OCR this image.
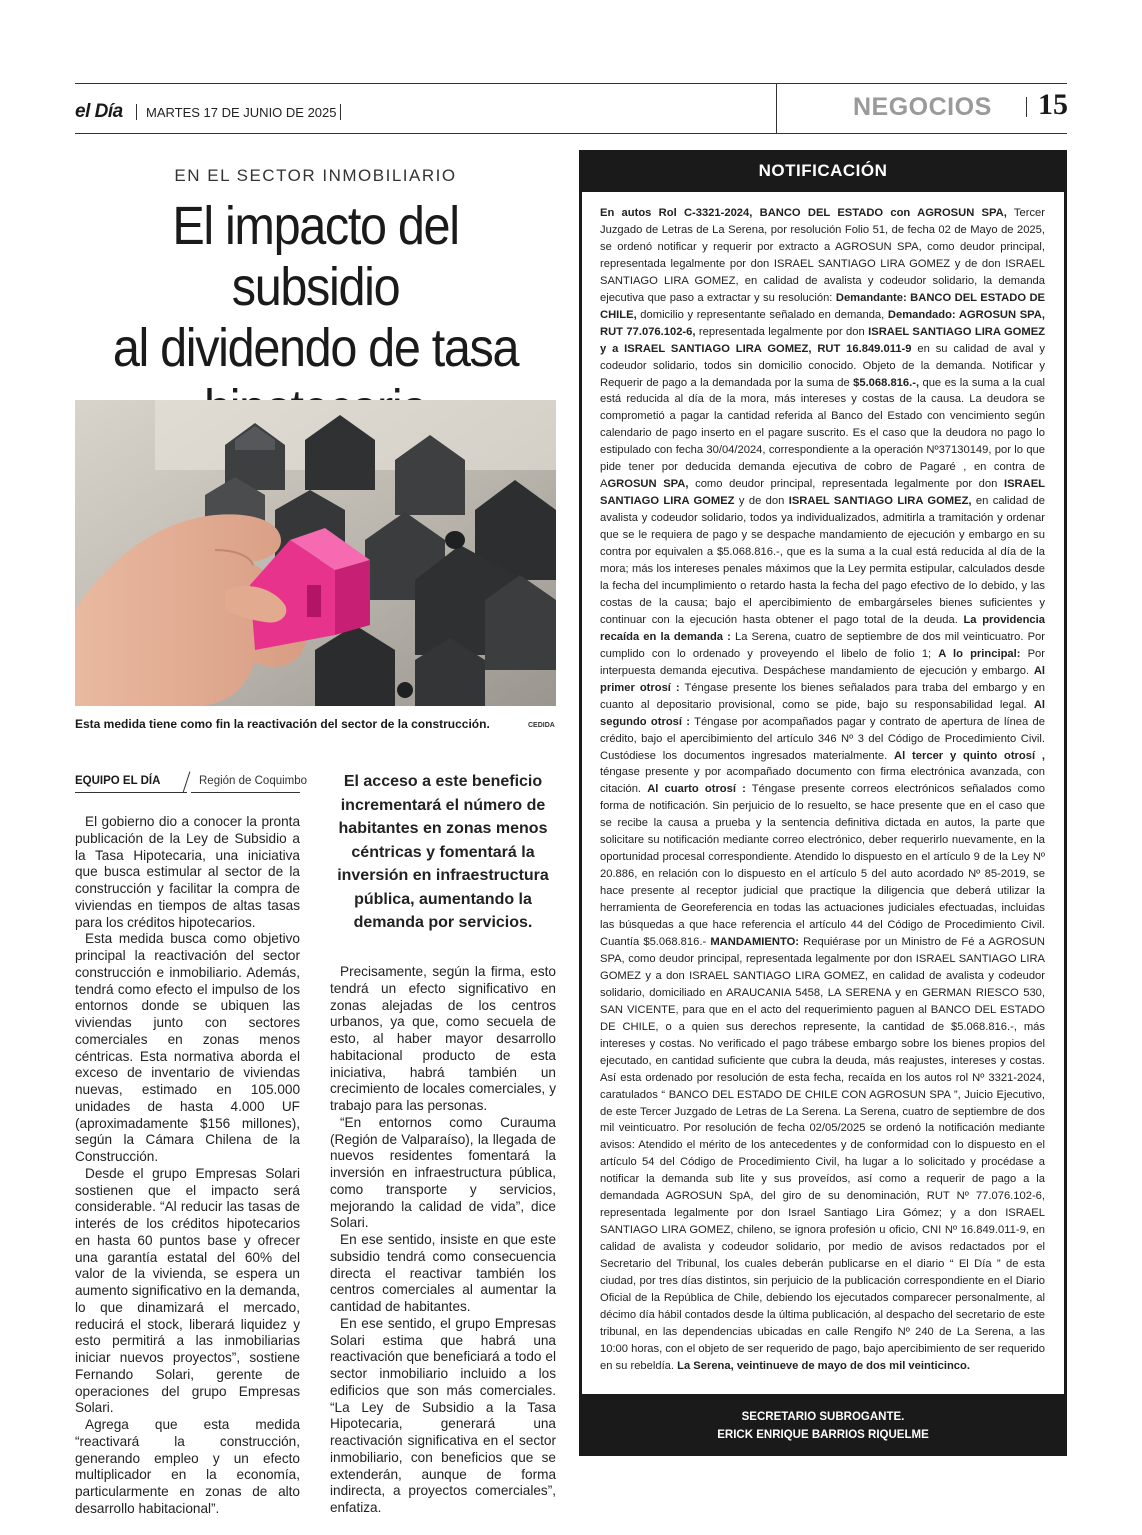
el Día MARTES 17 DE JUNIO DE 2025	NEGOCIOS 15
EN EL SECTOR INMOBILIARIO
El impacto del subsidio
al dividendo de tasa
Esta medida tiene como fin la reactivación del sector de la construcción.	CEDIDA
EQUIPO EL DÍA	Región de Coquimbo

El gobierno dio a conocer la pronta publicación de la Ley de Subsidio a la Tasa Hipotecaria, una iniciativa que busca estimular al sector de la construcción y facilitar la compra de viviendas en tiempos de altas tasas para los créditos hipotecarios.

Esta medida busca como objetivo principal la reactivación del sector construcción e inmobiliario. Además, tendrá como efecto el impulso de los entornos donde se ubiquen las viviendas junto con sectores comerciales en zonas menos céntricas. Esta normativa aborda el exceso de inventario de viviendas nuevas, estimado en 105.000 unidades de hasta 4.000 UF (aproximadamente $156 millones), según la Cámara Chilena de la Construcción.

Desde el grupo Empresas Solari sostienen que el impacto será considerable. “Al reducir las tasas de interés de los créditos hipotecarios en hasta 60 puntos base y ofrecer una garantía estatal del 60% del valor de la vivienda, se espera un aumento significativo en la demanda, lo que dinamizará el mercado, reducirá el stock, liberará liquidez y esto permitirá a las inmobiliarias iniciar nuevos proyectos”, sostiene Fernando Solari, gerente de operaciones del grupo Empresas Solari.

Agrega que esta medida “reactivará la construcción, generando empleo y un efecto multiplicador en la economía, particularmente en zonas de alto desarrollo habitacional”.

El acceso a este beneficio incrementará el número de habitantes en zonas menos céntricas y fomentará la inversión en infraestructura pública, aumentando la demanda por servicios.

Precisamente, según la firma, esto tendrá un efecto significativo en zonas alejadas de los centros urbanos, ya que, como secuela de esto, al haber mayor desarrollo habitacional producto de esta iniciativa, habrá también un crecimiento de locales comerciales, y trabajo para las personas.

“En entornos como Curauma (Región de Valparaíso), la llegada de nuevos residentes fomentará la inversión en infraestructura pública, como transporte y servicios, mejorando la calidad de vida”, dice Solari.

En ese sentido, insiste en que este subsidio tendrá como consecuencia directa el reactivar también los centros comerciales al aumentar la cantidad de habitantes.

En ese sentido, el grupo Empresas Solari estima que habrá una reactivación que beneficiará a todo el sector inmobiliario incluido a los edificios que son más comerciales. “La Ley de Subsidio a la Tasa Hipotecaria, generará una reactivación significativa en el sector inmobiliario, con beneficios que se extenderán, aunque de forma indirecta, a proyectos comerciales”, enfatiza.

NOTIFICACIÓN
En autos Rol C-3321-2024, BANCO DEL ESTADO con AGROSUN SPA, Tercer Juzgado de Letras de La Serena, por resolución Folio 51, de fecha 02 de Mayo de 2025, se ordenó notificar y requerir por extracto a AGROSUN SPA, como deudor principal, representada legalmente por don ISRAEL SANTIAGO LIRA GOMEZ y de don ISRAEL SANTIAGO LIRA GOMEZ, en calidad de avalista y codeudor solidario, la demanda ejecutiva que paso a extractar y su resolución: Demandante: BANCO DEL ESTADO DE CHILE, domicilio y representante señalado en demanda, Demandado: AGROSUN SPA, RUT 77.076.102-6, representada legalmente por don ISRAEL SANTIAGO LIRA GOMEZ y a ISRAEL SANTIAGO LIRA GOMEZ, RUT 16.849.011-9 en su calidad de aval y codeudor solidario, todos sin domicilio conocido. Objeto de la demanda. Notificar y Requerir de pago a la demandada por la suma de $5.068.816.-, que es la suma a la cual está reducida al día de la mora, más intereses y costas de la causa. La deudora se comprometió a pagar la cantidad referida al Banco del Estado con vencimiento según calendario de pago inserto en el pagare suscrito. Es el caso que la deudora no pago lo estipulado con fecha 30/04/2024, correspondiente a la operación Nº37130149, por lo que pide tener por deducida demanda ejecutiva de cobro de Pagaré , en contra de AGROSUN SPA, como deudor principal, representada legalmente por don ISRAEL SANTIAGO LIRA GOMEZ y de don ISRAEL SANTIAGO LIRA GOMEZ, en calidad de avalista y codeudor solidario, todos ya individualizados, admitirla a tramitación y ordenar que se le requiera de pago y se despache mandamiento de ejecución y embargo en su contra por equivalen a $5.068.816.-, que es la suma a la cual está reducida al día de la mora; más los intereses penales máximos que la Ley permita estipular, calculados desde la fecha del incumplimiento o retardo hasta la fecha del pago efectivo de lo debido, y las costas de la causa; bajo el apercibimiento de embargárseles bienes suficientes y continuar con la ejecución hasta obtener el pago total de la deuda. La providencia recaída en la demanda : La Serena, cuatro de septiembre de dos mil veinticuatro. Por cumplido con lo ordenado y proveyendo el libelo de folio 1; A lo principal: Por interpuesta demanda ejecutiva. Despáchese mandamiento de ejecución y embargo. Al primer otrosí : Téngase presente los bienes señalados para traba del embargo y en cuanto al depositario provisional, como se pide, bajo su responsabilidad legal. Al segundo otrosí : Téngase por acompañados pagar y contrato de apertura de línea de crédito, bajo el apercibimiento del artículo 346 Nº 3 del Código de Procedimiento Civil. Custódiese los documentos ingresados materialmente. Al tercer y quinto otrosí , téngase presente y por acompañado documento con firma electrónica avanzada, con citación. Al cuarto otrosí : Téngase presente correos electrónicos señalados como forma de notificación. Sin perjuicio de lo resuelto, se hace presente que en el caso que se recibe la causa a prueba y la sentencia definitiva dictada en autos, la parte que solicitare su notificación mediante correo electrónico, deber requerirlo nuevamente, en la oportunidad procesal correspondiente. Atendido lo dispuesto en el artículo 9 de la Ley Nº 20.886, en relación con lo dispuesto en el artículo 5 del auto acordado Nº 85-2019, se hace presente al receptor judicial que practique la diligencia que deberá utilizar la herramienta de Georeferencia en todas las actuaciones judiciales efectuadas, incluidas las búsquedas a que hace referencia el artículo 44 del Código de Procedimiento Civil. Cuantía $5.068.816.- MANDAMIENTO: Requiérase por un Ministro de Fé a AGROSUN SPA, como deudor principal, representada legalmente por don ISRAEL SANTIAGO LIRA GOMEZ y a don ISRAEL SANTIAGO LIRA GOMEZ, en calidad de avalista y codeudor solidario, domiciliado en ARAUCANIA 5458, LA SERENA y en GERMAN RIESCO 530, SAN VICENTE, para que en el acto del requerimiento paguen al BANCO DEL ESTADO DE CHILE, o a quien sus derechos represente, la cantidad de $5.068.816.-, más intereses y costas. No verificado el pago trábese embargo sobre los bienes propios del ejecutado, en cantidad suficiente que cubra la deuda, más reajustes, intereses y costas. Así esta ordenado por resolución de esta fecha, recaída en los autos rol Nº 3321-2024, caratulados “ BANCO DEL ESTADO DE CHILE CON AGROSUN SPA ”, Juicio Ejecutivo, de este Tercer Juzgado de Letras de La Serena. La Serena, cuatro de septiembre de dos mil veinticuatro. Por resolución de fecha 02/05/2025 se ordenó la notificación mediante avisos: Atendido el mérito de los antecedentes y de conformidad con lo dispuesto en el artículo 54 del Código de Procedimiento Civil, ha lugar a lo solicitado y procédase a notificar la demanda sub lite y sus proveídos, así como a requerir de pago a la demandada AGROSUN SpA, del giro de su denominación, RUT Nº 77.076.102-6, representada legalmente por don Israel Santiago Lira Gómez; y a don ISRAEL SANTIAGO LIRA GOMEZ, chileno, se ignora profesión u oficio, CNI Nº 16.849.011-9, en calidad de avalista y codeudor solidario, por medio de avisos redactados por el Secretario del Tribunal, los cuales deberán publicarse en el diario “ El Día ” de esta ciudad, por tres días distintos, sin perjuicio de la publicación correspondiente en el Diario Oficial de la República de Chile, debiendo los ejecutados comparecer personalmente, al décimo día hábil contados desde la última publicación, al despacho del secretario de este tribunal, en las dependencias ubicadas en calle Rengifo Nº 240 de La Serena, a las 10:00 horas, con el objeto de ser requerido de pago, bajo apercibimiento de ser requerido en su rebeldía. La Serena, veintinueve de mayo de dos mil veinticinco.
SECRETARIO SUBROGANTE.
ERICK ENRIQUE BARRIOS RIQUELME
